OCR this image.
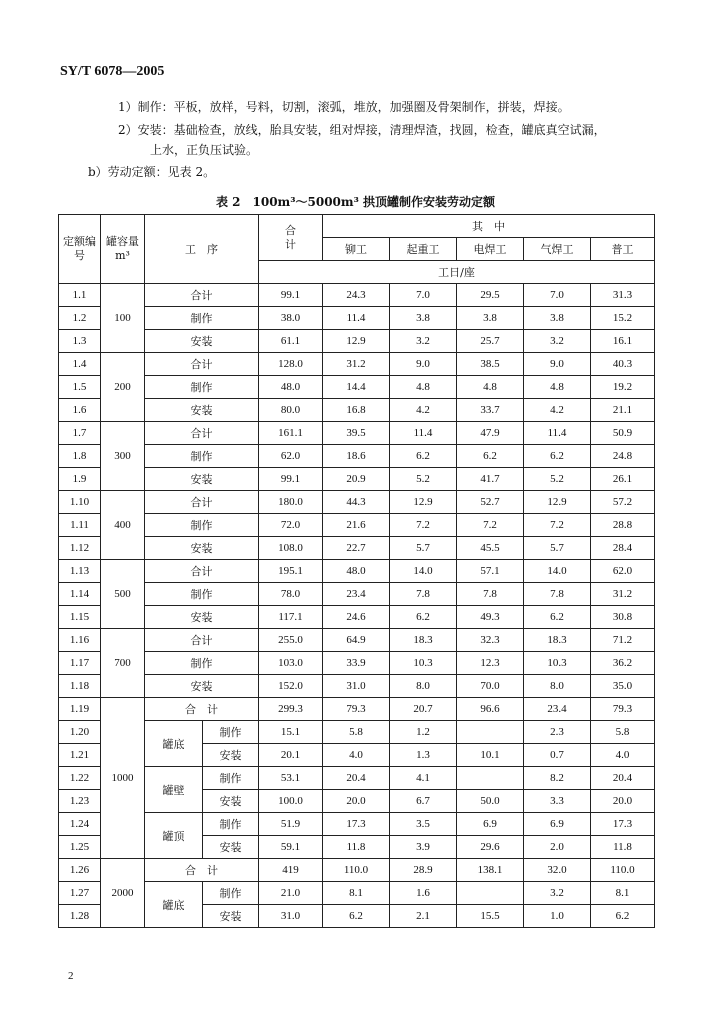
SY/T 6078—2005
1）制作：平板，放样，号料，切割，滚弧，堆放，加强圈及骨架制作，拼装，焊接。
2）安装：基础检查，放线，胎具安装，组对焊接，清理焊渣，找圆，检查，罐底真空试漏，
上水，正负压试验。
b）劳动定额：见表 2。
表 2　100m³～5000m³ 拱顶罐制作安装劳动定额
定额编号	罐容量m³	工　序		合计	其　中				
					铆工	起重工	电焊工	气焊工	普工
				工日/座					
1.1	100	合计		99.1	24.3	7.0	29.5	7.0	31.3
1.2		制作		38.0	11.4	3.8	3.8	3.8	15.2
1.3		安装		61.1	12.9	3.2	25.7	3.2	16.1
1.4	200	合计		128.0	31.2	9.0	38.5	9.0	40.3
1.5		制作		48.0	14.4	4.8	4.8	4.8	19.2
1.6		安装		80.0	16.8	4.2	33.7	4.2	21.1
1.7	300	合计		161.1	39.5	11.4	47.9	11.4	50.9
1.8		制作		62.0	18.6	6.2	6.2	6.2	24.8
1.9		安装		99.1	20.9	5.2	41.7	5.2	26.1
1.10	400	合计		180.0	44.3	12.9	52.7	12.9	57.2
1.11		制作		72.0	21.6	7.2	7.2	7.2	28.8
1.12		安装		108.0	22.7	5.7	45.5	5.7	28.4
1.13	500	合计		195.1	48.0	14.0	57.1	14.0	62.0
1.14		制作		78.0	23.4	7.8	7.8	7.8	31.2
1.15		安装		117.1	24.6	6.2	49.3	6.2	30.8
1.16	700	合计		255.0	64.9	18.3	32.3	18.3	71.2
1.17		制作		103.0	33.9	10.3	12.3	10.3	36.2
1.18		安装		152.0	31.0	8.0	70.0	8.0	35.0
1.19	1000	合　计		299.3	79.3	20.7	96.6	23.4	79.3
1.20		罐底	制作	15.1	5.8	1.2		2.3	5.8
1.21			安装	20.1	4.0	1.3	10.1	0.7	4.0
1.22		罐壁	制作	53.1	20.4	4.1		8.2	20.4
1.23			安装	100.0	20.0	6.7	50.0	3.3	20.0
1.24		罐顶	制作	51.9	17.3	3.5	6.9	6.9	17.3
1.25			安装	59.1	11.8	3.9	29.6	2.0	11.8
1.26	2000	合　计		419	110.0	28.9	138.1	32.0	110.0
1.27		罐底	制作	21.0	8.1	1.6		3.2	8.1
1.28			安装	31.0	6.2	2.1	15.5	1.0	6.2
2
